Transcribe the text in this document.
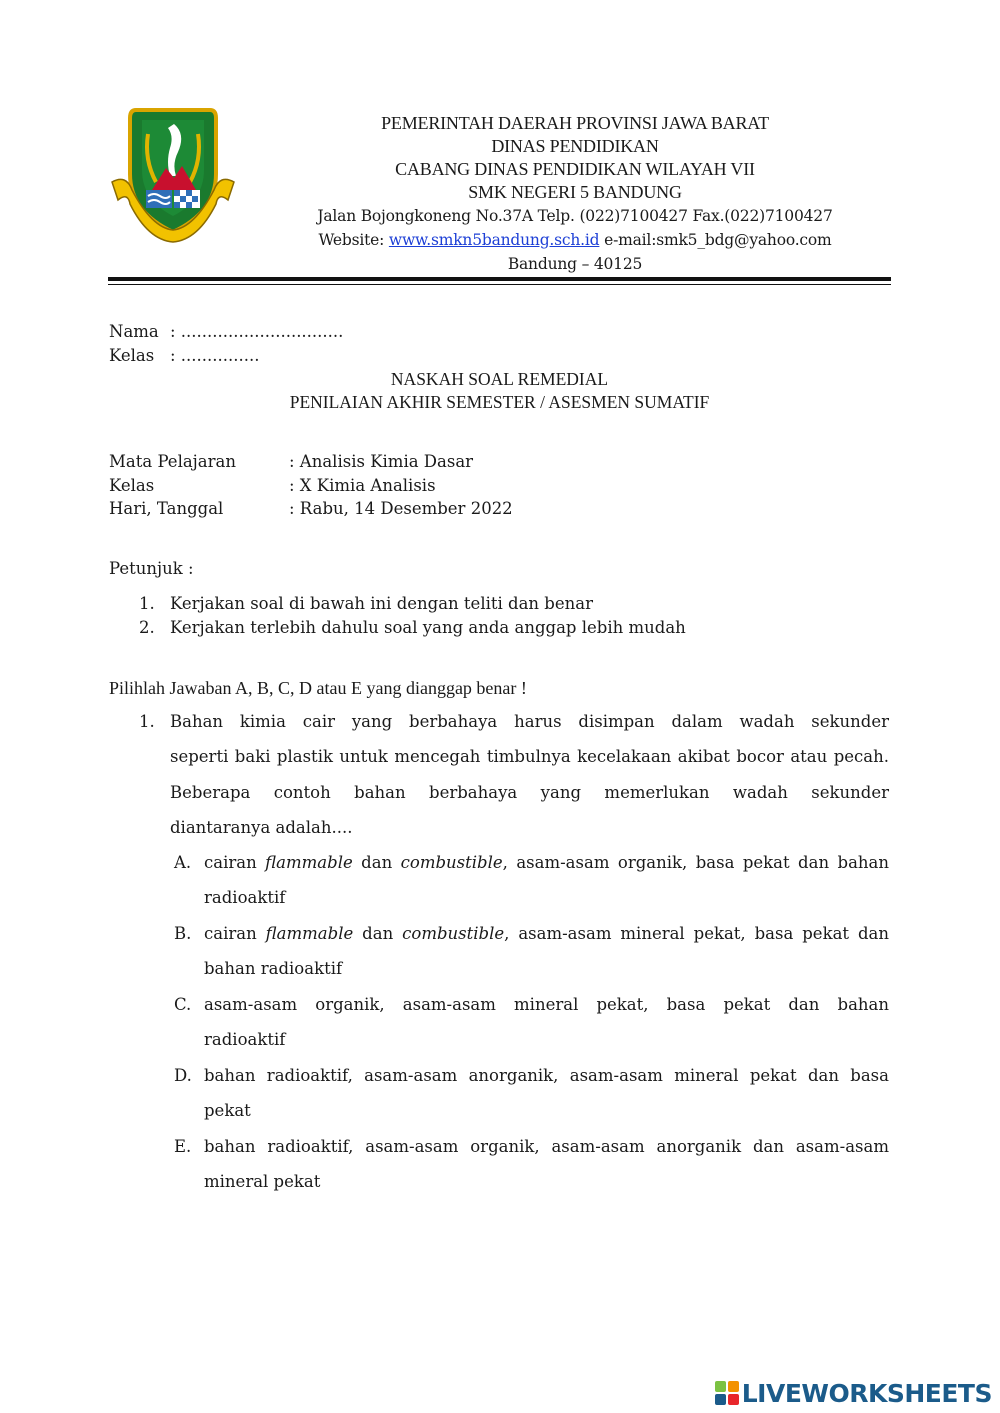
PEMERINTAH DAERAH PROVINSI JAWA BARAT
DINAS PENDIDIKAN
CABANG DINAS PENDIDIKAN WILAYAH VII
SMK NEGERI 5 BANDUNG
Jalan Bojongkoneng No.37A Telp. (022)7100427 Fax.(022)7100427
Website: www.smkn5bandung.sch.id e-mail:smk5_bdg@yahoo.com
Bandung – 40125
Nama : ...............................
Kelas : ...............
NASKAH SOAL REMEDIAL
PENILAIAN AKHIR SEMESTER / ASESMEN SUMATIF
Mata Pelajaran	: Analisis Kimia Dasar
Kelas	: X Kimia Analisis
Hari, Tanggal	: Rabu, 14 Desember 2022
Petunjuk :
1. Kerjakan soal di bawah ini dengan teliti dan benar
2. Kerjakan terlebih dahulu soal yang anda anggap lebih mudah
Pilihlah Jawaban A, B, C, D atau E yang dianggap benar !
1. Bahan kimia cair yang berbahaya harus disimpan dalam wadah sekunder
seperti baki plastik untuk mencegah timbulnya kecelakaan akibat bocor atau pecah.
Beberapa contoh bahan berbahaya yang memerlukan wadah sekunder
diantaranya adalah....
A. cairan flammable dan combustible, asam-asam organik, basa pekat dan bahan
radioaktif
B. cairan flammable dan combustible, asam-asam mineral pekat, basa pekat dan
bahan radioaktif
C. asam-asam organik, asam-asam mineral pekat, basa pekat dan bahan
radioaktif
D. bahan radioaktif, asam-asam anorganik, asam-asam mineral pekat dan basa
pekat
E. bahan radioaktif, asam-asam organik, asam-asam anorganik dan asam-asam
mineral pekat
LIVEWORKSHEETS
